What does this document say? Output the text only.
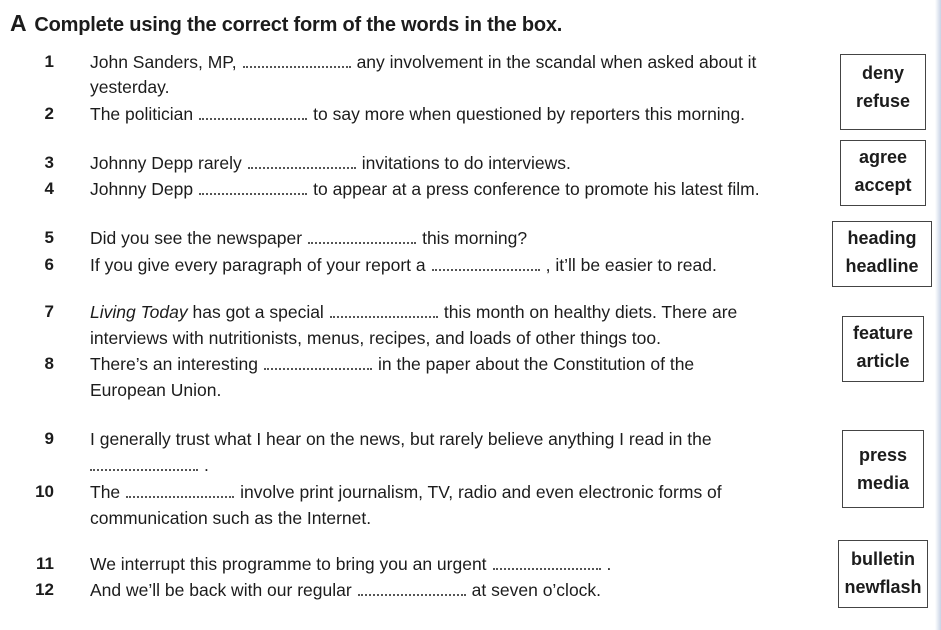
A Complete using the correct form of the words in the box.
1 John Sanders, MP,	any involvement in the scandal when asked about it
yesterday.
2 The politician	to say more when questioned by reporters this morning.
3 Johnny Depp rarely	invitations to do interviews.
4 Johnny Depp	to appear at a press conference to promote his latest film.
5 Did you see the newspaper	this morning?
6 If you give every paragraph of your report a	, it’ll be easier to read.
7 Living Today has got a special	this month on healthy diets. There are
interviews with nutritionists, menus, recipes, and loads of other things too.
8 There’s an interesting	in the paper about the Constitution of the
European Union.
9 I generally trust what I hear on the news, but rarely believe anything I read in the
.
10 The	involve print journalism, TV, radio and even electronic forms of
communication such as the Internet.
11 We interrupt this programme to bring you an urgent	.
12 And we’ll be back with our regular	at seven o’clock.
deny
refuse
agree
accept
heading
headline
feature
article
press
media
bulletin
newflash
